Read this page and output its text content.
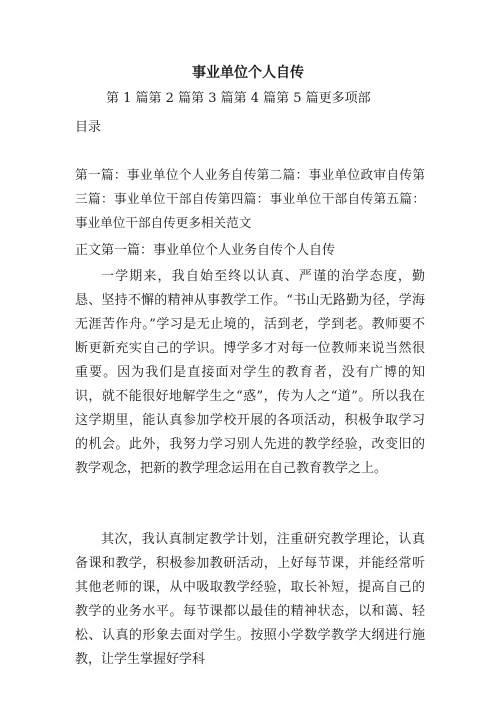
事业单位个人自传
第 1 篇第 2 篇第 3 篇第 4 篇第 5 篇更多项部
目录
第一篇：事业单位个人业务自传第二篇：事业单位政审自传第三篇：事业单位干部自传第四篇：事业单位干部自传第五篇：事业单位干部自传更多相关范文
正文第一篇：事业单位个人业务自传个人自传
一学期来，我自始至终以认真、严谨的治学态度，勤恳、坚持不懈的精神从事教学工作。“书山无路勤为径，学海无涯苦作舟。”学习是无止境的，活到老，学到老。教师要不断更新充实自己的学识。博学多才对每一位教师来说当然很重要。因为我们是直接面对学生的教育者，没有广博的知识，就不能很好地解学生之“惑”，传为人之“道”。所以我在这学期里，能认真参加学校开展的各项活动，积极争取学习的机会。此外，我努力学习别人先进的教学经验，改变旧的教学观念，把新的教学理念运用在自己教育教学之上。
其次，我认真制定教学计划，注重研究教学理论，认真备课和教学，积极参加教研活动，上好每节课，并能经常听其他老师的课，从中吸取教学经验，取长补短，提高自己的教学的业务水平。每节课都以最佳的精神状态，以和蔼、轻松、认真的形象去面对学生。按照小学数学教学大纲进行施教，让学生掌握好学科
